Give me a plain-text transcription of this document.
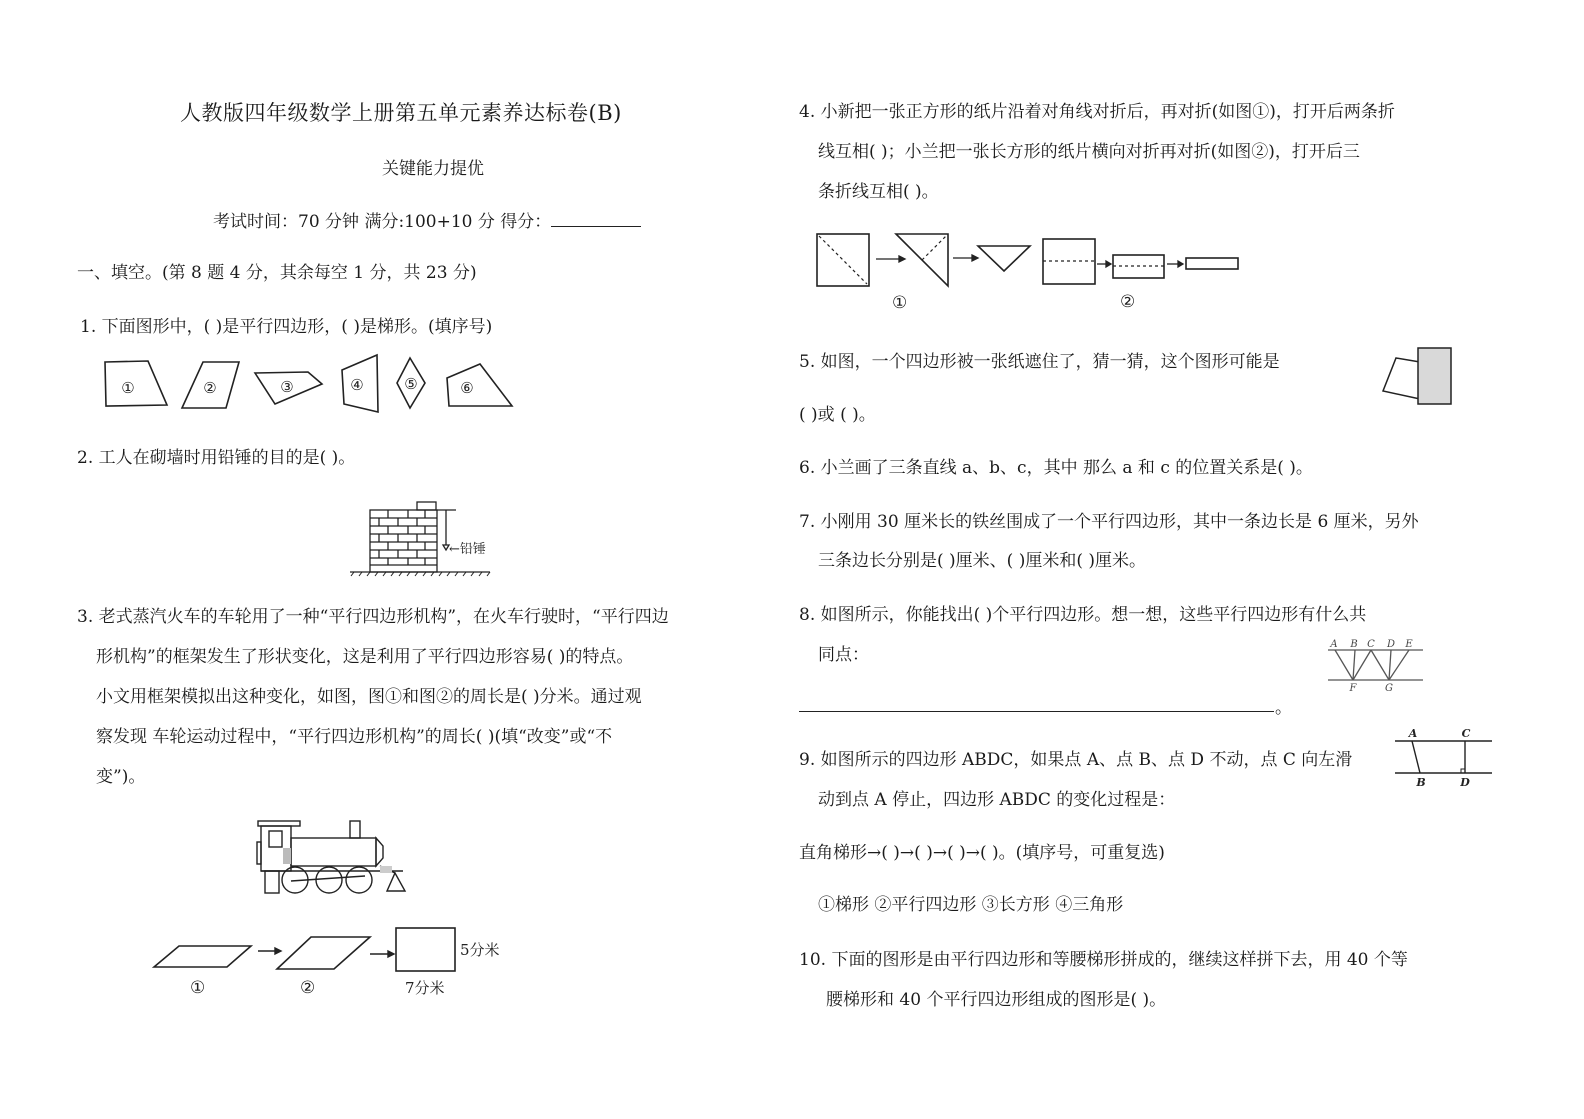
人教版四年级数学上册第五单元素养达标卷(B)
关键能力提优
考试时间：70 分钟 满分:100+10 分 得分：
一、填空。(第 8 题 4 分，其余每空 1 分，共 23 分)
1. 下面图形中，( )是平行四边形，( )是梯形。(填序号)
①	②	③	④	⑤	⑥
2. 工人在砌墙时用铅锤的目的是( )。
←铅锤
3. 老式蒸汽火车的车轮用了一种“平行四边形机构”，在火车行驶时，“平行四边
形机构”的框架发生了形状变化，这是利用了平行四边形容易( )的特点。
小文用框架模拟出这种变化，如图，图①和图②的周长是( )分米。通过观
察发现 车轮运动过程中，“平行四边形机构”的周长( )(填“改变”或“不
变”)。
①	②
5分米
7分米
4. 小新把一张正方形的纸片沿着对角线对折后，再对折(如图①)，打开后两条折
线互相( )；小兰把一张长方形的纸片横向对折再对折(如图②)，打开后三
条折线互相( )。
①	②
5. 如图，一个四边形被一张纸遮住了，猜一猜，这个图形可能是
( )或 ( )。
6. 小兰画了三条直线 a、b、c，其中 那么 a 和 c 的位置关系是( )。
7. 小刚用 30 厘米长的铁丝围成了一个平行四边形，其中一条边长是 6 厘米，另外
三条边长分别是( )厘米、( )厘米和( )厘米。
8. 如图所示，你能找出( )个平行四边形。想一想，这些平行四边形有什么共
同点：
。
A B C D E
F	G
9. 如图所示的四边形 ABDC，如果点 A、点 B、点 D 不动，点 C 向左滑
动到点 A 停止，四边形 ABDC 的变化过程是：
直角梯形→( )→( )→( )→( )。(填序号，可重复选)
①梯形 ②平行四边形 ③长方形 ④三角形
A	C
B	D
10. 下面的图形是由平行四边形和等腰梯形拼成的，继续这样拼下去，用 40 个等
腰梯形和 40 个平行四边形组成的图形是( )。
